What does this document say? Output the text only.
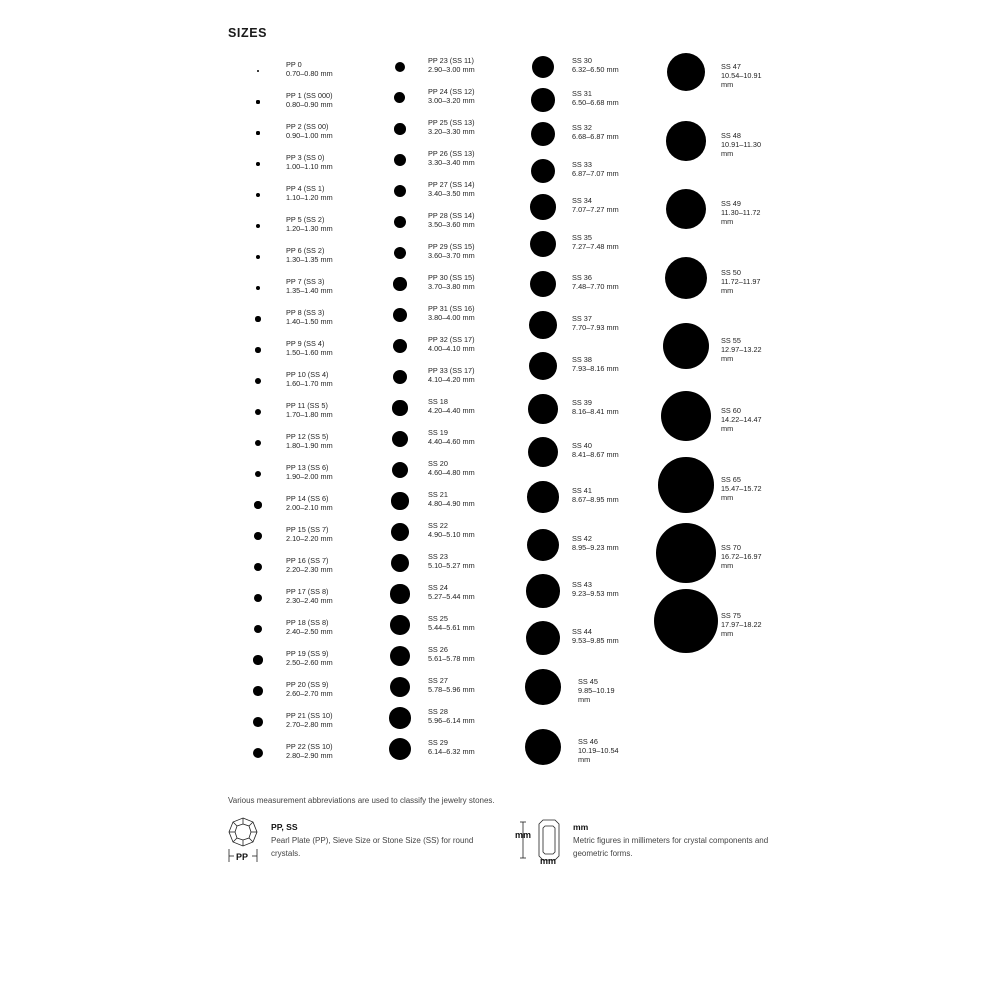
SIZES
PP 0
0.70–0.80 mm
PP 1 (SS 000)
0.80–0.90 mm
PP 2 (SS 00)
0.90–1.00 mm
PP 3 (SS 0)
1.00–1.10 mm
PP 4 (SS 1)
1.10–1.20 mm
PP 5 (SS 2)
1.20–1.30 mm
PP 6 (SS 2)
1.30–1.35 mm
PP 7 (SS 3)
1.35–1.40 mm
PP 8 (SS 3)
1.40–1.50 mm
PP 9 (SS 4)
1.50–1.60 mm
PP 10 (SS 4)
1.60–1.70 mm
PP 11 (SS 5)
1.70–1.80 mm
PP 12 (SS 5)
1.80–1.90 mm
PP 13 (SS 6)
1.90–2.00 mm
PP 14 (SS 6)
2.00–2.10 mm
PP 15 (SS 7)
2.10–2.20 mm
PP 16 (SS 7)
2.20–2.30 mm
PP 17 (SS 8)
2.30–2.40 mm
PP 18 (SS 8)
2.40–2.50 mm
PP 19 (SS 9)
2.50–2.60 mm
PP 20 (SS 9)
2.60–2.70 mm
PP 21 (SS 10)
2.70–2.80 mm
PP 22 (SS 10)
2.80–2.90 mm
PP 23 (SS 11)
2.90–3.00 mm
PP 24 (SS 12)
3.00–3.20 mm
PP 25 (SS 13)
3.20–3.30 mm
PP 26 (SS 13)
3.30–3.40 mm
PP 27 (SS 14)
3.40–3.50 mm
PP 28 (SS 14)
3.50–3.60 mm
PP 29 (SS 15)
3.60–3.70 mm
PP 30 (SS 15)
3.70–3.80 mm
PP 31 (SS 16)
3.80–4.00 mm
PP 32 (SS 17)
4.00–4.10 mm
PP 33 (SS 17)
4.10–4.20 mm
SS 18
4.20–4.40 mm
SS 19
4.40–4.60 mm
SS 20
4.60–4.80 mm
SS 21
4.80–4.90 mm
SS 22
4.90–5.10 mm
SS 23
5.10–5.27 mm
SS 24
5.27–5.44 mm
SS 25
5.44–5.61 mm
SS 26
5.61–5.78 mm
SS 27
5.78–5.96 mm
SS 28
5.96–6.14 mm
SS 29
6.14–6.32 mm
SS 30
6.32–6.50 mm
SS 31
6.50–6.68 mm
SS 32
6.68–6.87 mm
SS 33
6.87–7.07 mm
SS 34
7.07–7.27 mm
SS 35
7.27–7.48 mm
SS 36
7.48–7.70 mm
SS 37
7.70–7.93 mm
SS 38
7.93–8.16 mm
SS 39
8.16–8.41 mm
SS 40
8.41–8.67 mm
SS 41
8.67–8.95 mm
SS 42
8.95–9.23 mm
SS 43
9.23–9.53 mm
SS 44
9.53–9.85 mm
SS 45
9.85–10.19 mm
SS 46
10.19–10.54 mm
SS 47
10.54–10.91 mm
SS 48
10.91–11.30 mm
SS 49
11.30–11.72 mm
SS 50
11.72–11.97 mm
SS 55
12.97–13.22 mm
SS 60
14.22–14.47 mm
SS 65
15.47–15.72 mm
SS 70
16.72–16.97 mm
SS 75
17.97–18.22 mm
Various measurement abbreviations are used to classify the jewelry stones.
PP
PP, SS
Pearl Plate (PP), Sieve Size or Stone Size (SS) for round crystals.
mm
mm
mm
Metric figures in millimeters for crystal components and geometric forms.
